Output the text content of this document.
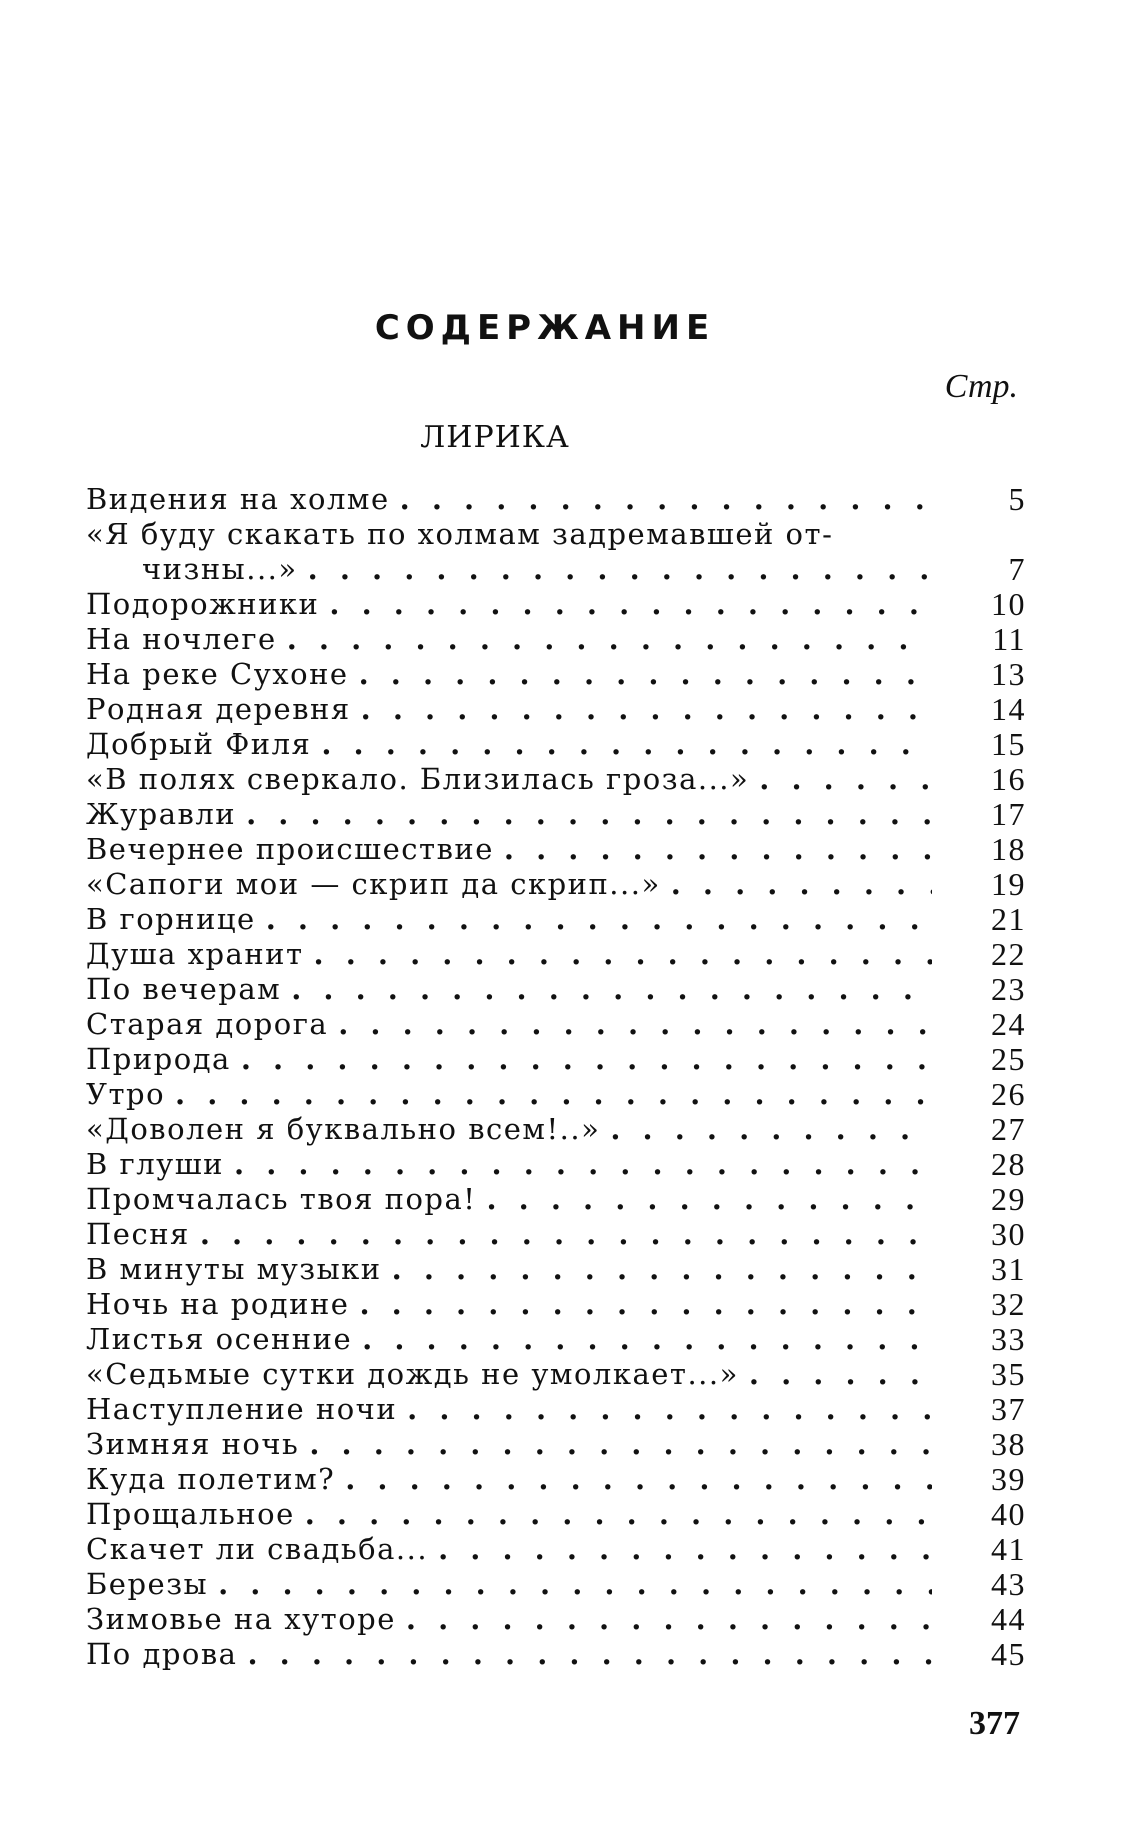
СОДЕРЖАНИЕ
Стр.
ЛИРИКА
Видения на холме . . .	5
«Я буду скакать по холмам задремавшей от-
чизны...» . . .	7
Подорожники . . .	10
На ночлеге . . .	11
На реке Сухоне . . .	13
Родная деревня . . .	14
Добрый Филя . . .	15
«В полях сверкало. Близилась гроза...» . . .	16
Журавли . . .	17
Вечернее происшествие . . .	18
«Сапоги мои — скрип да скрип...» . . .	19
В горнице . . .	21
Душа хранит . . .	22
По вечерам . . .	23
Старая дорога . . .	24
Природа . . .	25
Утро . . .	26
«Доволен я буквально всем!..» . . .	27
В глуши . . .	28
Промчалась твоя пора! . . .	29
Песня . . .	30
В минуты музыки . . .	31
Ночь на родине . . .	32
Листья осенние . . .	33
«Седьмые сутки дождь не умолкает...» . . .	35
Наступление ночи . . .	37
Зимняя ночь . . .	38
Куда полетим? . . .	39
Прощальное . . .	40
Скачет ли свадьба... . . .	41
Березы . . .	43
Зимовье на хуторе . . .	44
По дрова . . .	45
377
